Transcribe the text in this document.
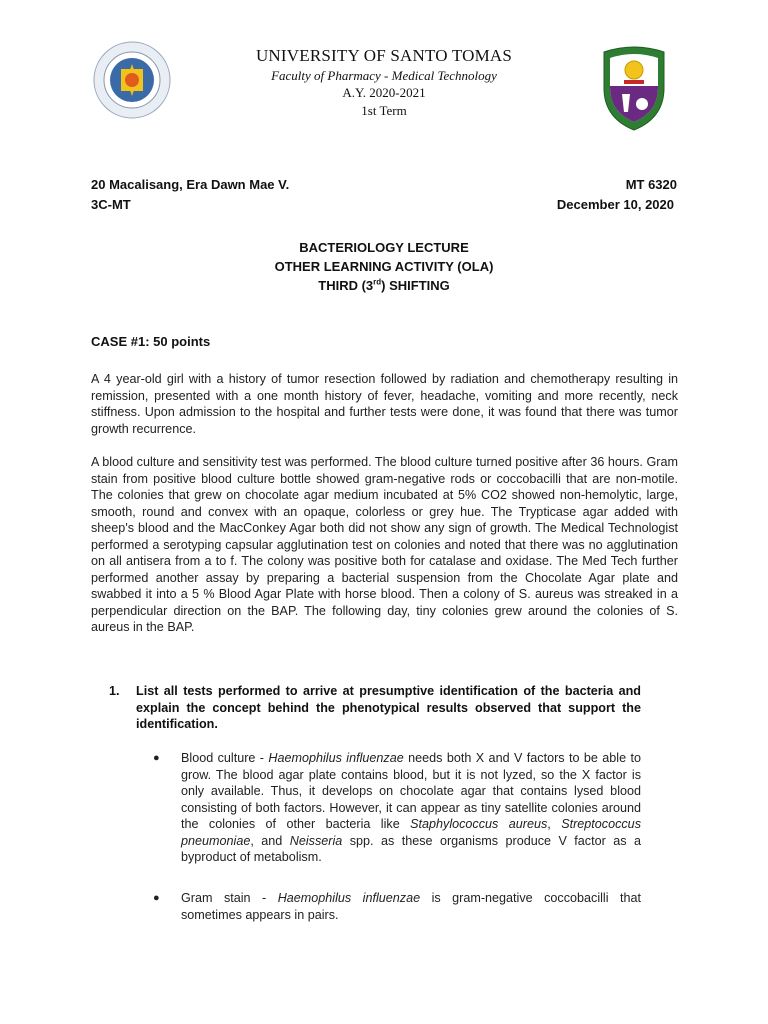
UNIVERSITY OF SANTO TOMAS
Faculty of Pharmacy - Medical Technology
A.Y. 2020-2021
1st Term
20 Macalisang, Era Dawn Mae V.	MT 6320
3C-MT	December 10, 2020
BACTERIOLOGY LECTURE
OTHER LEARNING ACTIVITY (OLA)
THIRD (3rd) SHIFTING
CASE #1: 50 points
A 4 year-old girl with a history of tumor resection followed by radiation and chemotherapy resulting in remission, presented with a one month history of fever, headache, vomiting and more recently, neck stiffness. Upon admission to the hospital and further tests were done, it was found that there was tumor growth recurrence.
A blood culture and sensitivity test was performed. The blood culture turned positive after 36 hours. Gram stain from positive blood culture bottle showed gram-negative rods or coccobacilli that are non-motile. The colonies that grew on chocolate agar medium incubated at 5% CO2 showed non-hemolytic, large, smooth, round and convex with an opaque, colorless or grey hue. The Trypticase agar added with sheep's blood and the MacConkey Agar both did not show any sign of growth. The Medical Technologist performed a serotyping capsular agglutination test on colonies and noted that there was no agglutination on all antisera from a to f. The colony was positive both for catalase and oxidase. The Med Tech further performed another assay by preparing a bacterial suspension from the Chocolate Agar plate and swabbed it into a 5 % Blood Agar Plate with horse blood. Then a colony of S. aureus was streaked in a perpendicular direction on the BAP. The following day, tiny colonies grew around the colonies of S. aureus in the BAP.
1.	List all tests performed to arrive at presumptive identification of the bacteria and explain the concept behind the phenotypical results observed that support the identification.
●	Blood culture - Haemophilus influenzae needs both X and V factors to be able to grow. The blood agar plate contains blood, but it is not lyzed, so the X factor is only available. Thus, it develops on chocolate agar that contains lysed blood consisting of both factors. However, it can appear as tiny satellite colonies around the colonies of other bacteria like Staphylococcus aureus, Streptococcus pneumoniae, and Neisseria spp. as these organisms produce V factor as a byproduct of metabolism.
●	Gram stain - Haemophilus influenzae is gram-negative coccobacilli that sometimes appears in pairs.
